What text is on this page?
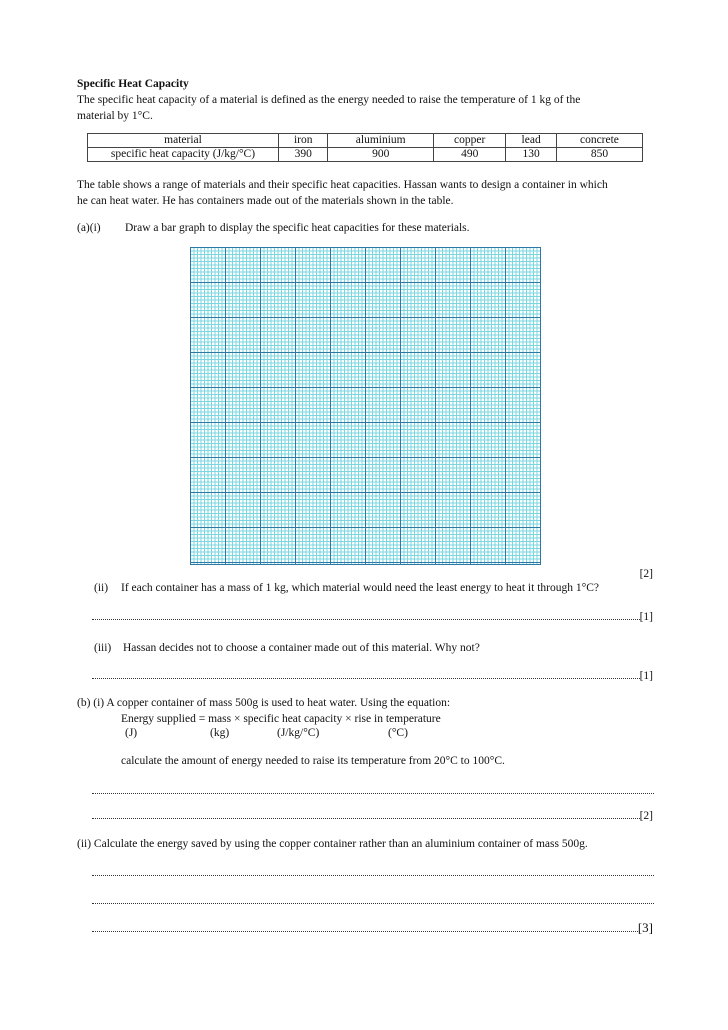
Specific Heat Capacity
The specific heat capacity of a material is defined as the energy needed to raise the temperature of 1 kg of the
material by 1°C.
material	iron	aluminium	copper	lead	concrete
specific heat capacity (J/kg/°C)	390	900	490	130	850
The table shows a range of materials and their specific heat capacities. Hassan wants to design a container in which
he can heat water. He has containers made out of the materials shown in the table.
(a)(i) Draw a bar graph to display the specific heat capacities for these materials.
[2]
(ii) If each container has a mass of 1 kg, which material would need the least energy to heat it through 1°C?
[1]
(iii) Hassan decides not to choose a container made out of this material. Why not?
[1]
(b) (i) A copper container of mass 500g is used to heat water. Using the equation:
Energy supplied = mass × specific heat capacity × rise in temperature
(J)	(kg)	(J/kg/°C)	(°C)
calculate the amount of energy needed to raise its temperature from 20°C to 100°C.
[2]
(ii) Calculate the energy saved by using the copper container rather than an aluminium container of mass 500g.
[3]
